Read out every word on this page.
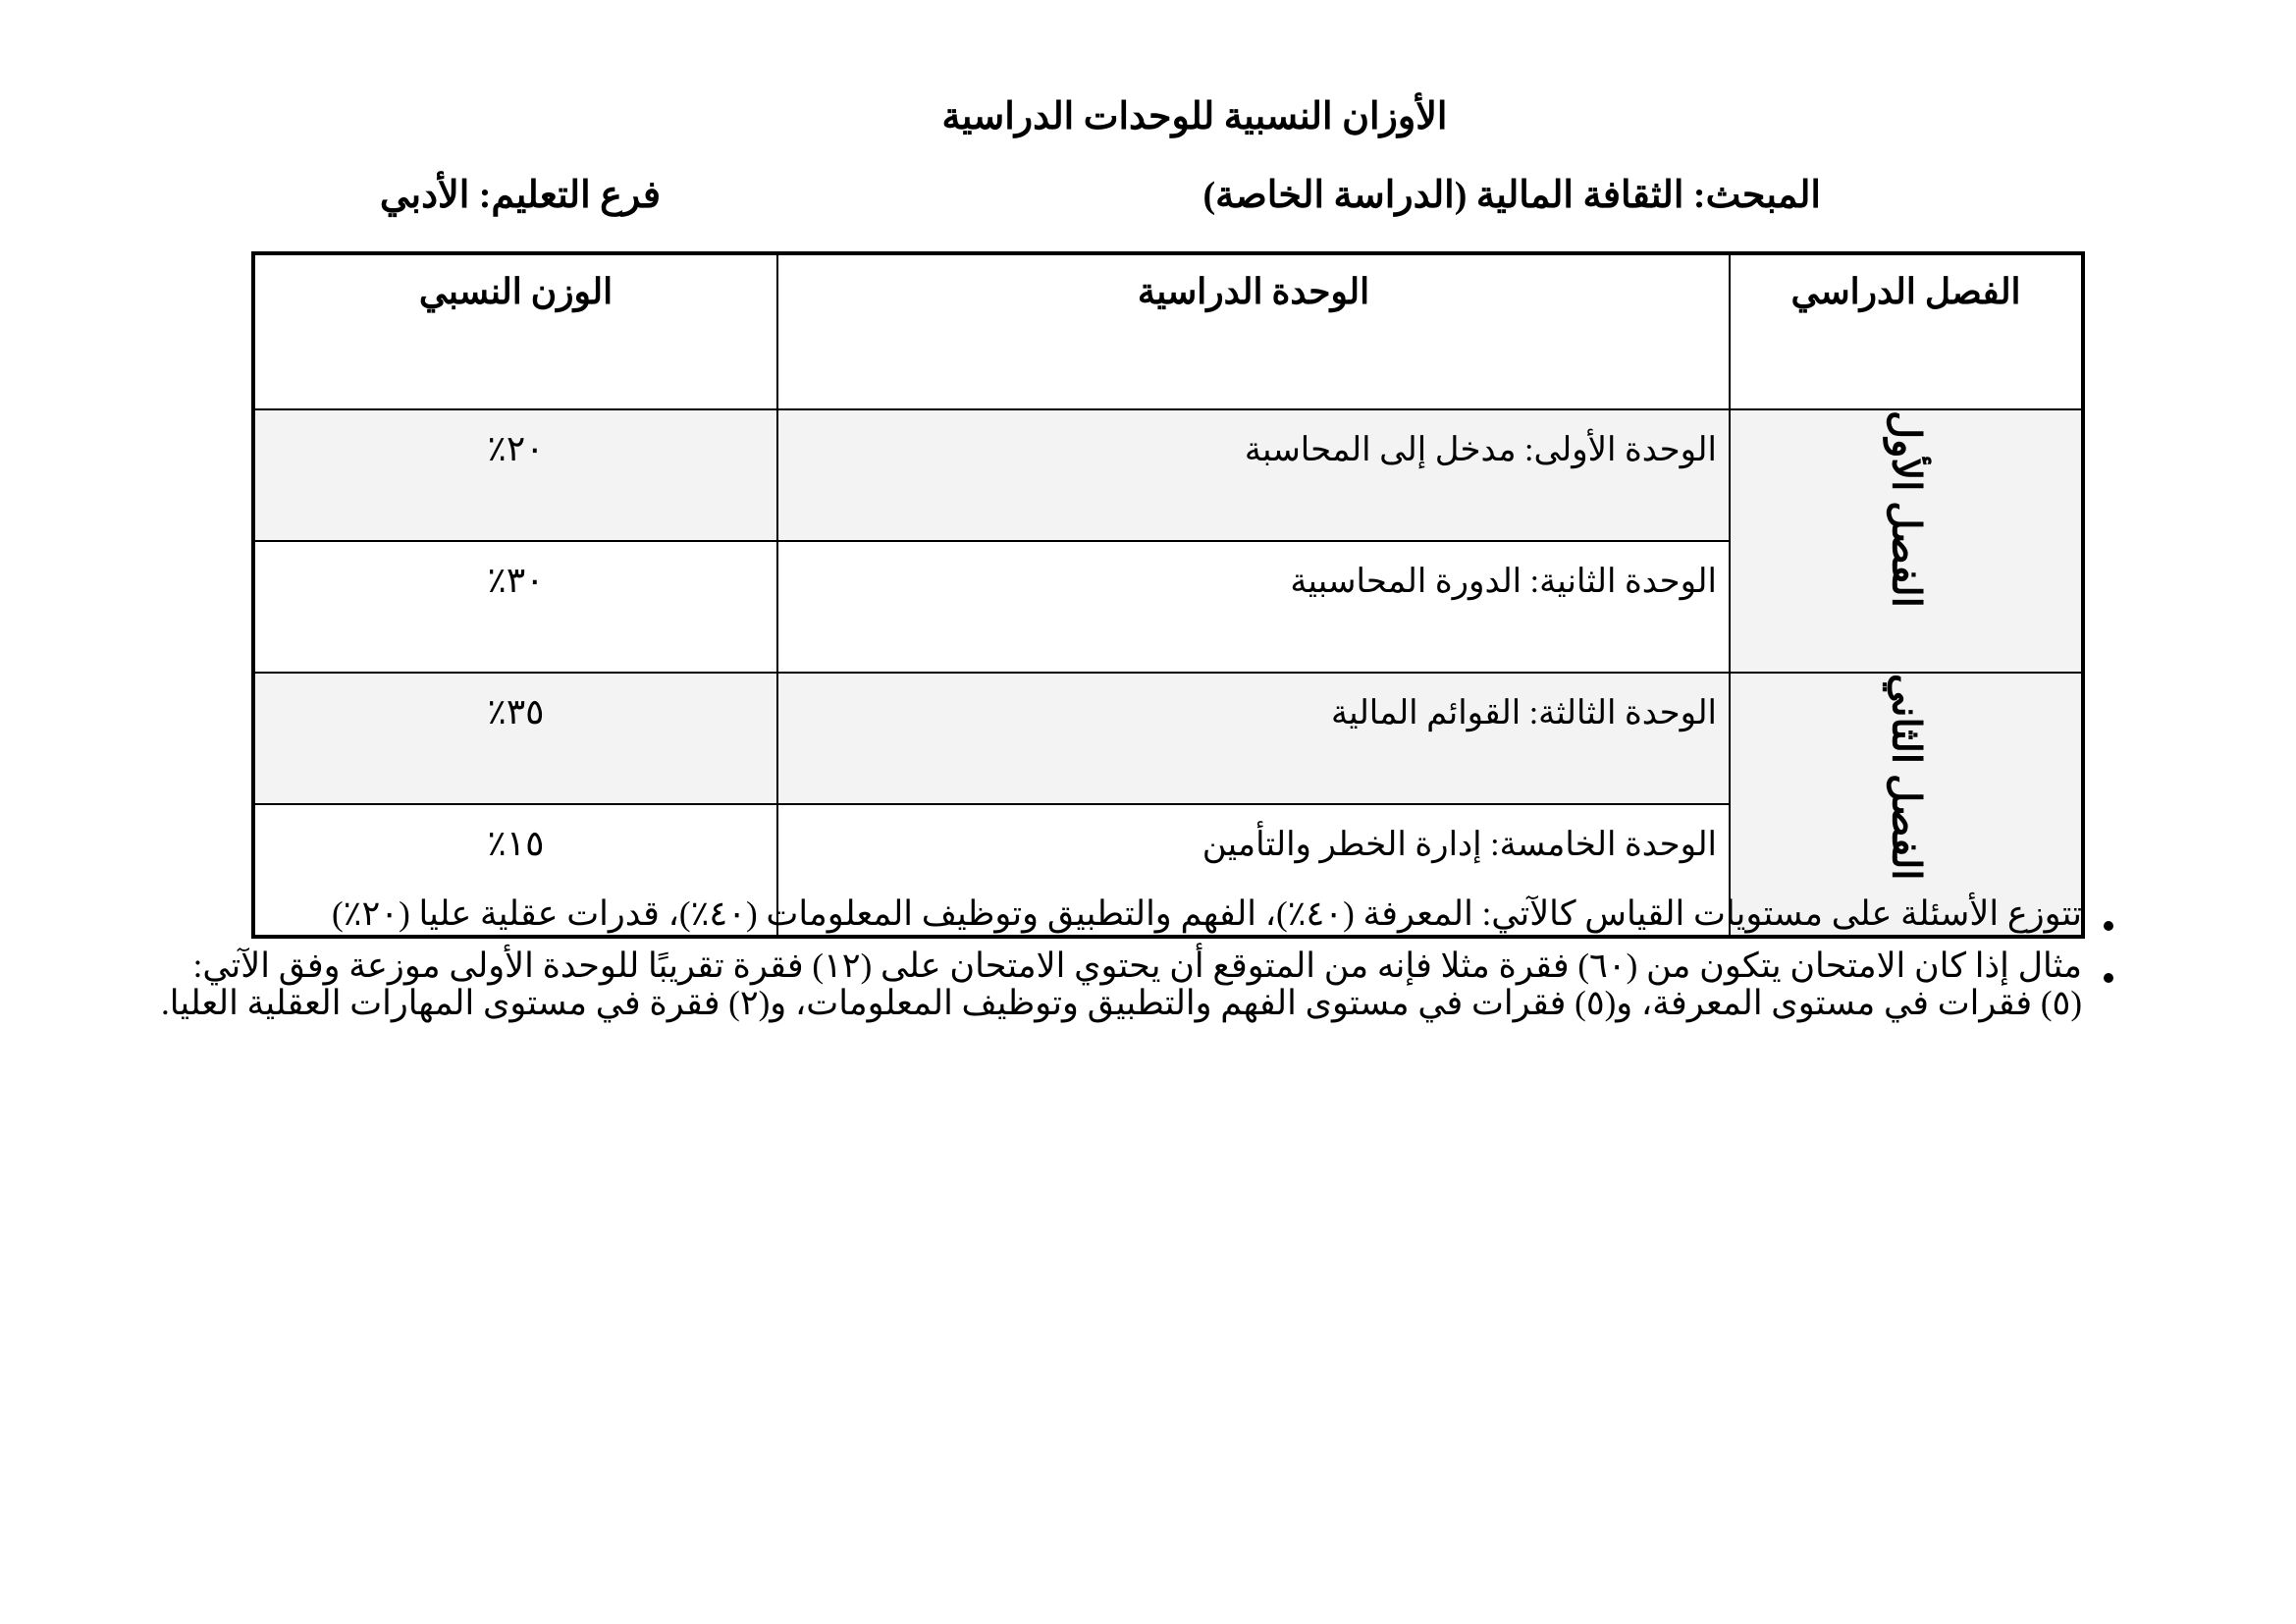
الأوزان النسبية للوحدات الدراسية
المبحث: الثقافة المالية (الدراسة الخاصة)
فرع التعليم: الأدبي
الفصل الدراسي	الوحدة الدراسية	الوزن النسبي
الفصل الأول	الوحدة الأولى: مدخل إلى المحاسبة	٢٠٪
	الوحدة الثانية: الدورة المحاسبية	٣٠٪
الفصل الثاني	الوحدة الثالثة: القوائم المالية	٣٥٪
	الوحدة الخامسة: إدارة الخطر والتأمين	١٥٪

تتوزع الأسئلة على مستويات القياس كالآتي: المعرفة (٤٠٪)، الفهم والتطبيق وتوظيف المعلومات (٤٠٪)، قدرات عقلية عليا (٢٠٪)

مثال إذا كان الامتحان يتكون من (٦٠) فقرة مثلا فإنه من المتوقع أن يحتوي الامتحان على (١٢) فقرة تقريبًا للوحدة الأولى موزعة وفق الآتي:

(٥) فقرات في مستوى المعرفة، و(٥) فقرات في مستوى الفهم والتطبيق وتوظيف المعلومات، و(٢) فقرة في مستوى المهارات العقلية العليا.
